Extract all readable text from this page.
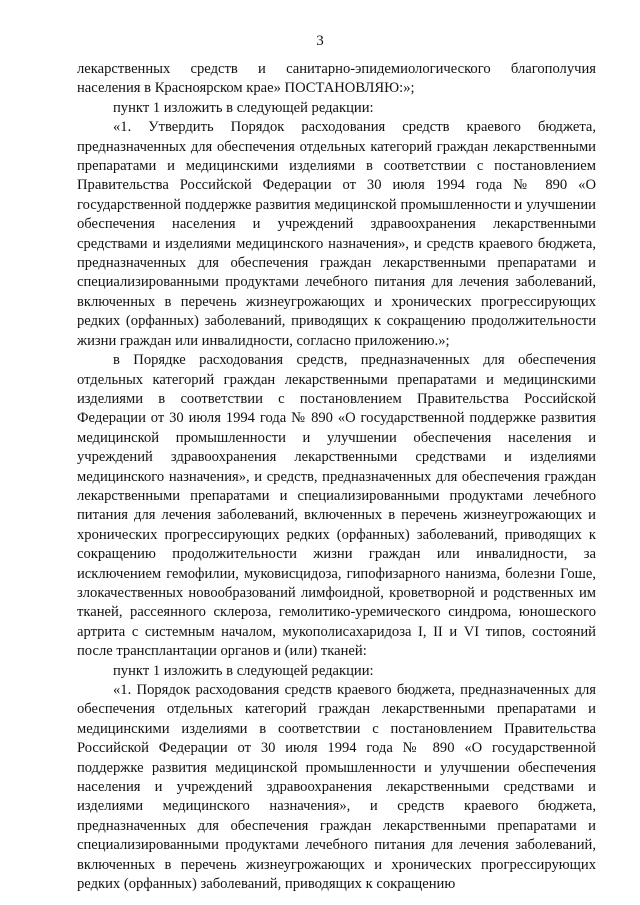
3

лекарственных средств и санитарно-эпидемиологического благополучия населения в Красноярском крае» ПОСТАНОВЛЯЮ:»;

пункт 1 изложить в следующей редакции:

«1. Утвердить Порядок расходования средств краевого бюджета, предназначенных для обеспечения отдельных категорий граждан лекарственными препаратами и медицинскими изделиями в соответствии с постановлением Правительства Российской Федерации от 30 июля 1994 года № 890 «О государственной поддержке развития медицинской промышленности и улучшении обеспечения населения и учреждений здравоохранения лекарственными средствами и изделиями медицинского назначения», и средств краевого бюджета, предназначенных для обеспечения граждан лекарственными препаратами и специализированными продуктами лечебного питания для лечения заболеваний, включенных в перечень жизнеугрожающих и хронических прогрессирующих редких (орфанных) заболеваний, приводящих к сокращению продолжительности жизни граждан или инвалидности, согласно приложению.»;

в Порядке расходования средств, предназначенных для обеспечения отдельных категорий граждан лекарственными препаратами и медицинскими изделиями в соответствии с постановлением Правительства Российской Федерации от 30 июля 1994 года № 890 «О государственной поддержке развития медицинской промышленности и улучшении обеспечения населения и учреждений здравоохранения лекарственными средствами и изделиями медицинского назначения», и средств, предназначенных для обеспечения граждан лекарственными препаратами и специализированными продуктами лечебного питания для лечения заболеваний, включенных в перечень жизнеугрожающих и хронических прогрессирующих редких (орфанных) заболеваний, приводящих к сокращению продолжительности жизни граждан или инвалидности, за исключением гемофилии, муковисцидоза, гипофизарного нанизма, болезни Гоше, злокачественных новообразований лимфоидной, кроветворной и родственных им тканей, рассеянного склероза, гемолитико-уремического синдрома, юношеского артрита с системным началом, мукополисахаридоза I, II и VI типов, состояний после трансплантации органов и (или) тканей:

пункт 1 изложить в следующей редакции:

«1. Порядок расходования средств краевого бюджета, предназначенных для обеспечения отдельных категорий граждан лекарственными препаратами и медицинскими изделиями в соответствии с постановлением Правительства Российской Федерации от 30 июля 1994 года № 890 «О государственной поддержке развития медицинской промышленности и улучшении обеспечения населения и учреждений здравоохранения лекарственными средствами и изделиями медицинского назначения», и средств краевого бюджета, предназначенных для обеспечения граждан лекарственными препаратами и специализированными продуктами лечебного питания для лечения заболеваний, включенных в перечень жизнеугрожающих и хронических прогрессирующих редких (орфанных) заболеваний, приводящих к сокращению
